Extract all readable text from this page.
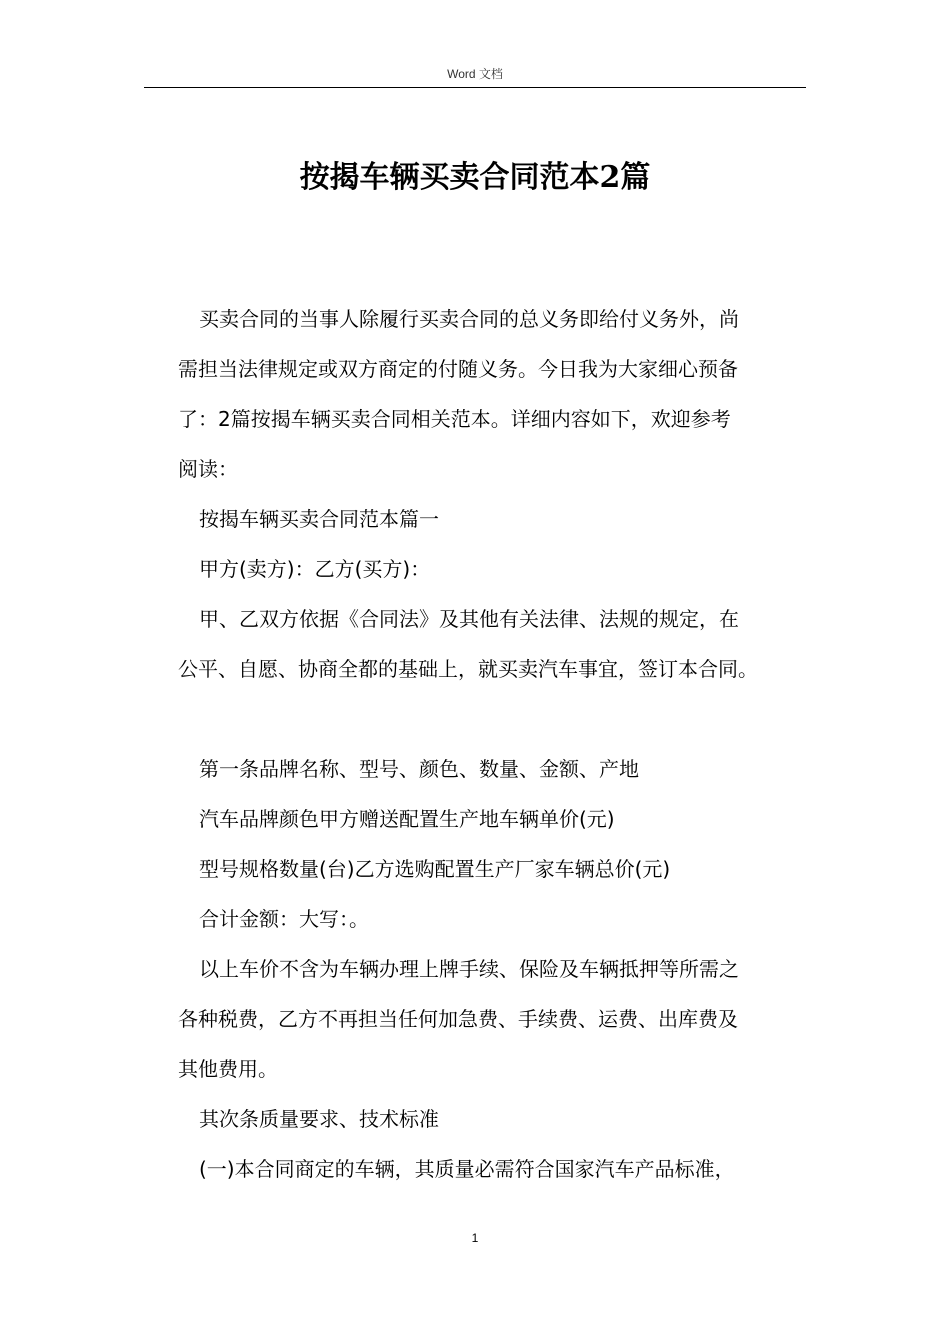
Word 文档
按揭车辆买卖合同范本2篇
买卖合同的当事人除履行买卖合同的总义务即给付义务外，尚
需担当法律规定或双方商定的付随义务。今日我为大家细心预备
了：2篇按揭车辆买卖合同相关范本。详细内容如下，欢迎参考
阅读：
按揭车辆买卖合同范本篇一
甲方(卖方)：乙方(买方)：
甲、乙双方依据《合同法》及其他有关法律、法规的规定，在
公平、自愿、协商全都的基础上，就买卖汽车事宜，签订本合同。
第一条品牌名称、型号、颜色、数量、金额、产地
汽车品牌颜色甲方赠送配置生产地车辆单价(元)
型号规格数量(台)乙方选购配置生产厂家车辆总价(元)
合计金额：大写：。
以上车价不含为车辆办理上牌手续、保险及车辆抵押等所需之
各种税费，乙方不再担当任何加急费、手续费、运费、出库费及
其他费用。
其次条质量要求、技术标准
(一)本合同商定的车辆，其质量必需符合国家汽车产品标准，
1
